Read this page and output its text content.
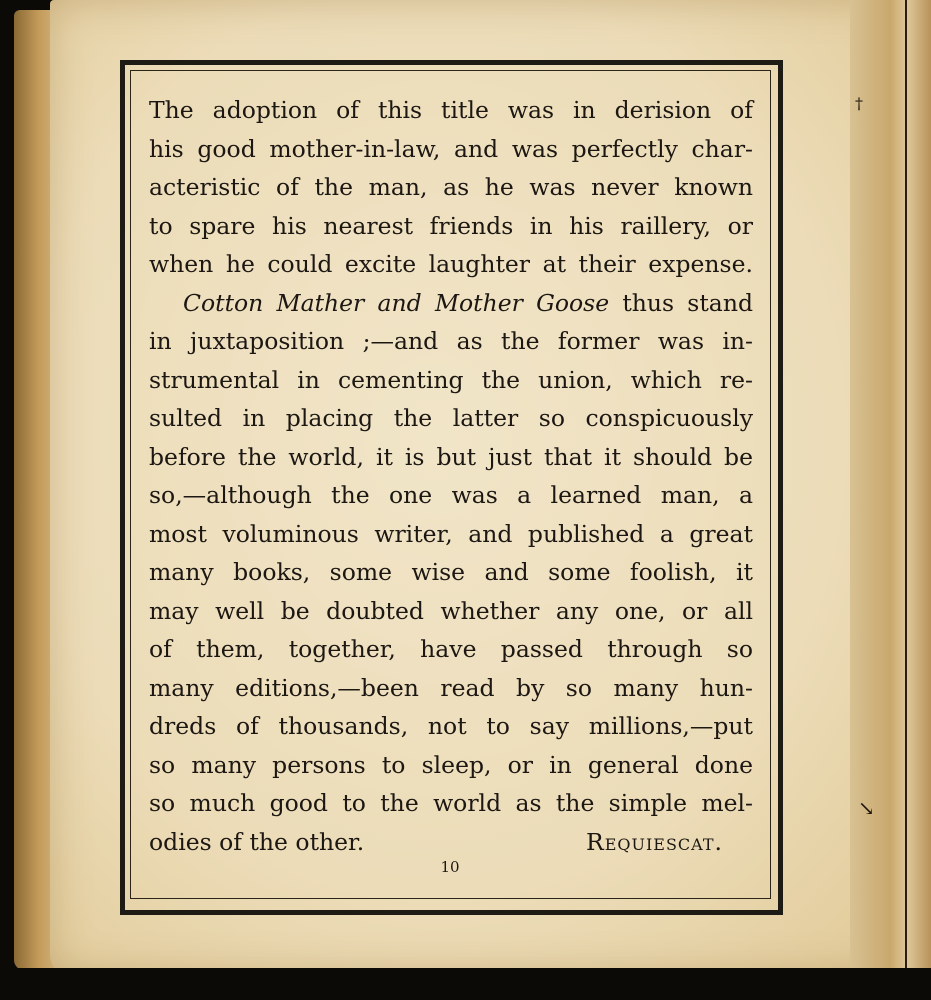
†
↘
The adoption of this title was in derision of
his good mother-in-law, and was perfectly char-
acteristic of the man, as he was never known
to spare his nearest friends in his raillery, or
when he could excite laughter at their expense.
Cotton Mather and Mother Goose thus stand
in juxtaposition ;—and as the former was in-
strumental in cementing the union, which re-
sulted in placing the latter so conspicuously
before the world, it is but just that it should be
so,—although the one was a learned man, a
most voluminous writer, and published a great
many books, some wise and some foolish, it
may well be doubted whether any one, or all
of them, together, have passed through so
many editions,—been read by so many hun-
dreds of thousands, not to say millions,—put
so many persons to sleep, or in general done
so much good to the world as the simple mel-
odies of the other.	Requiescat.
10
